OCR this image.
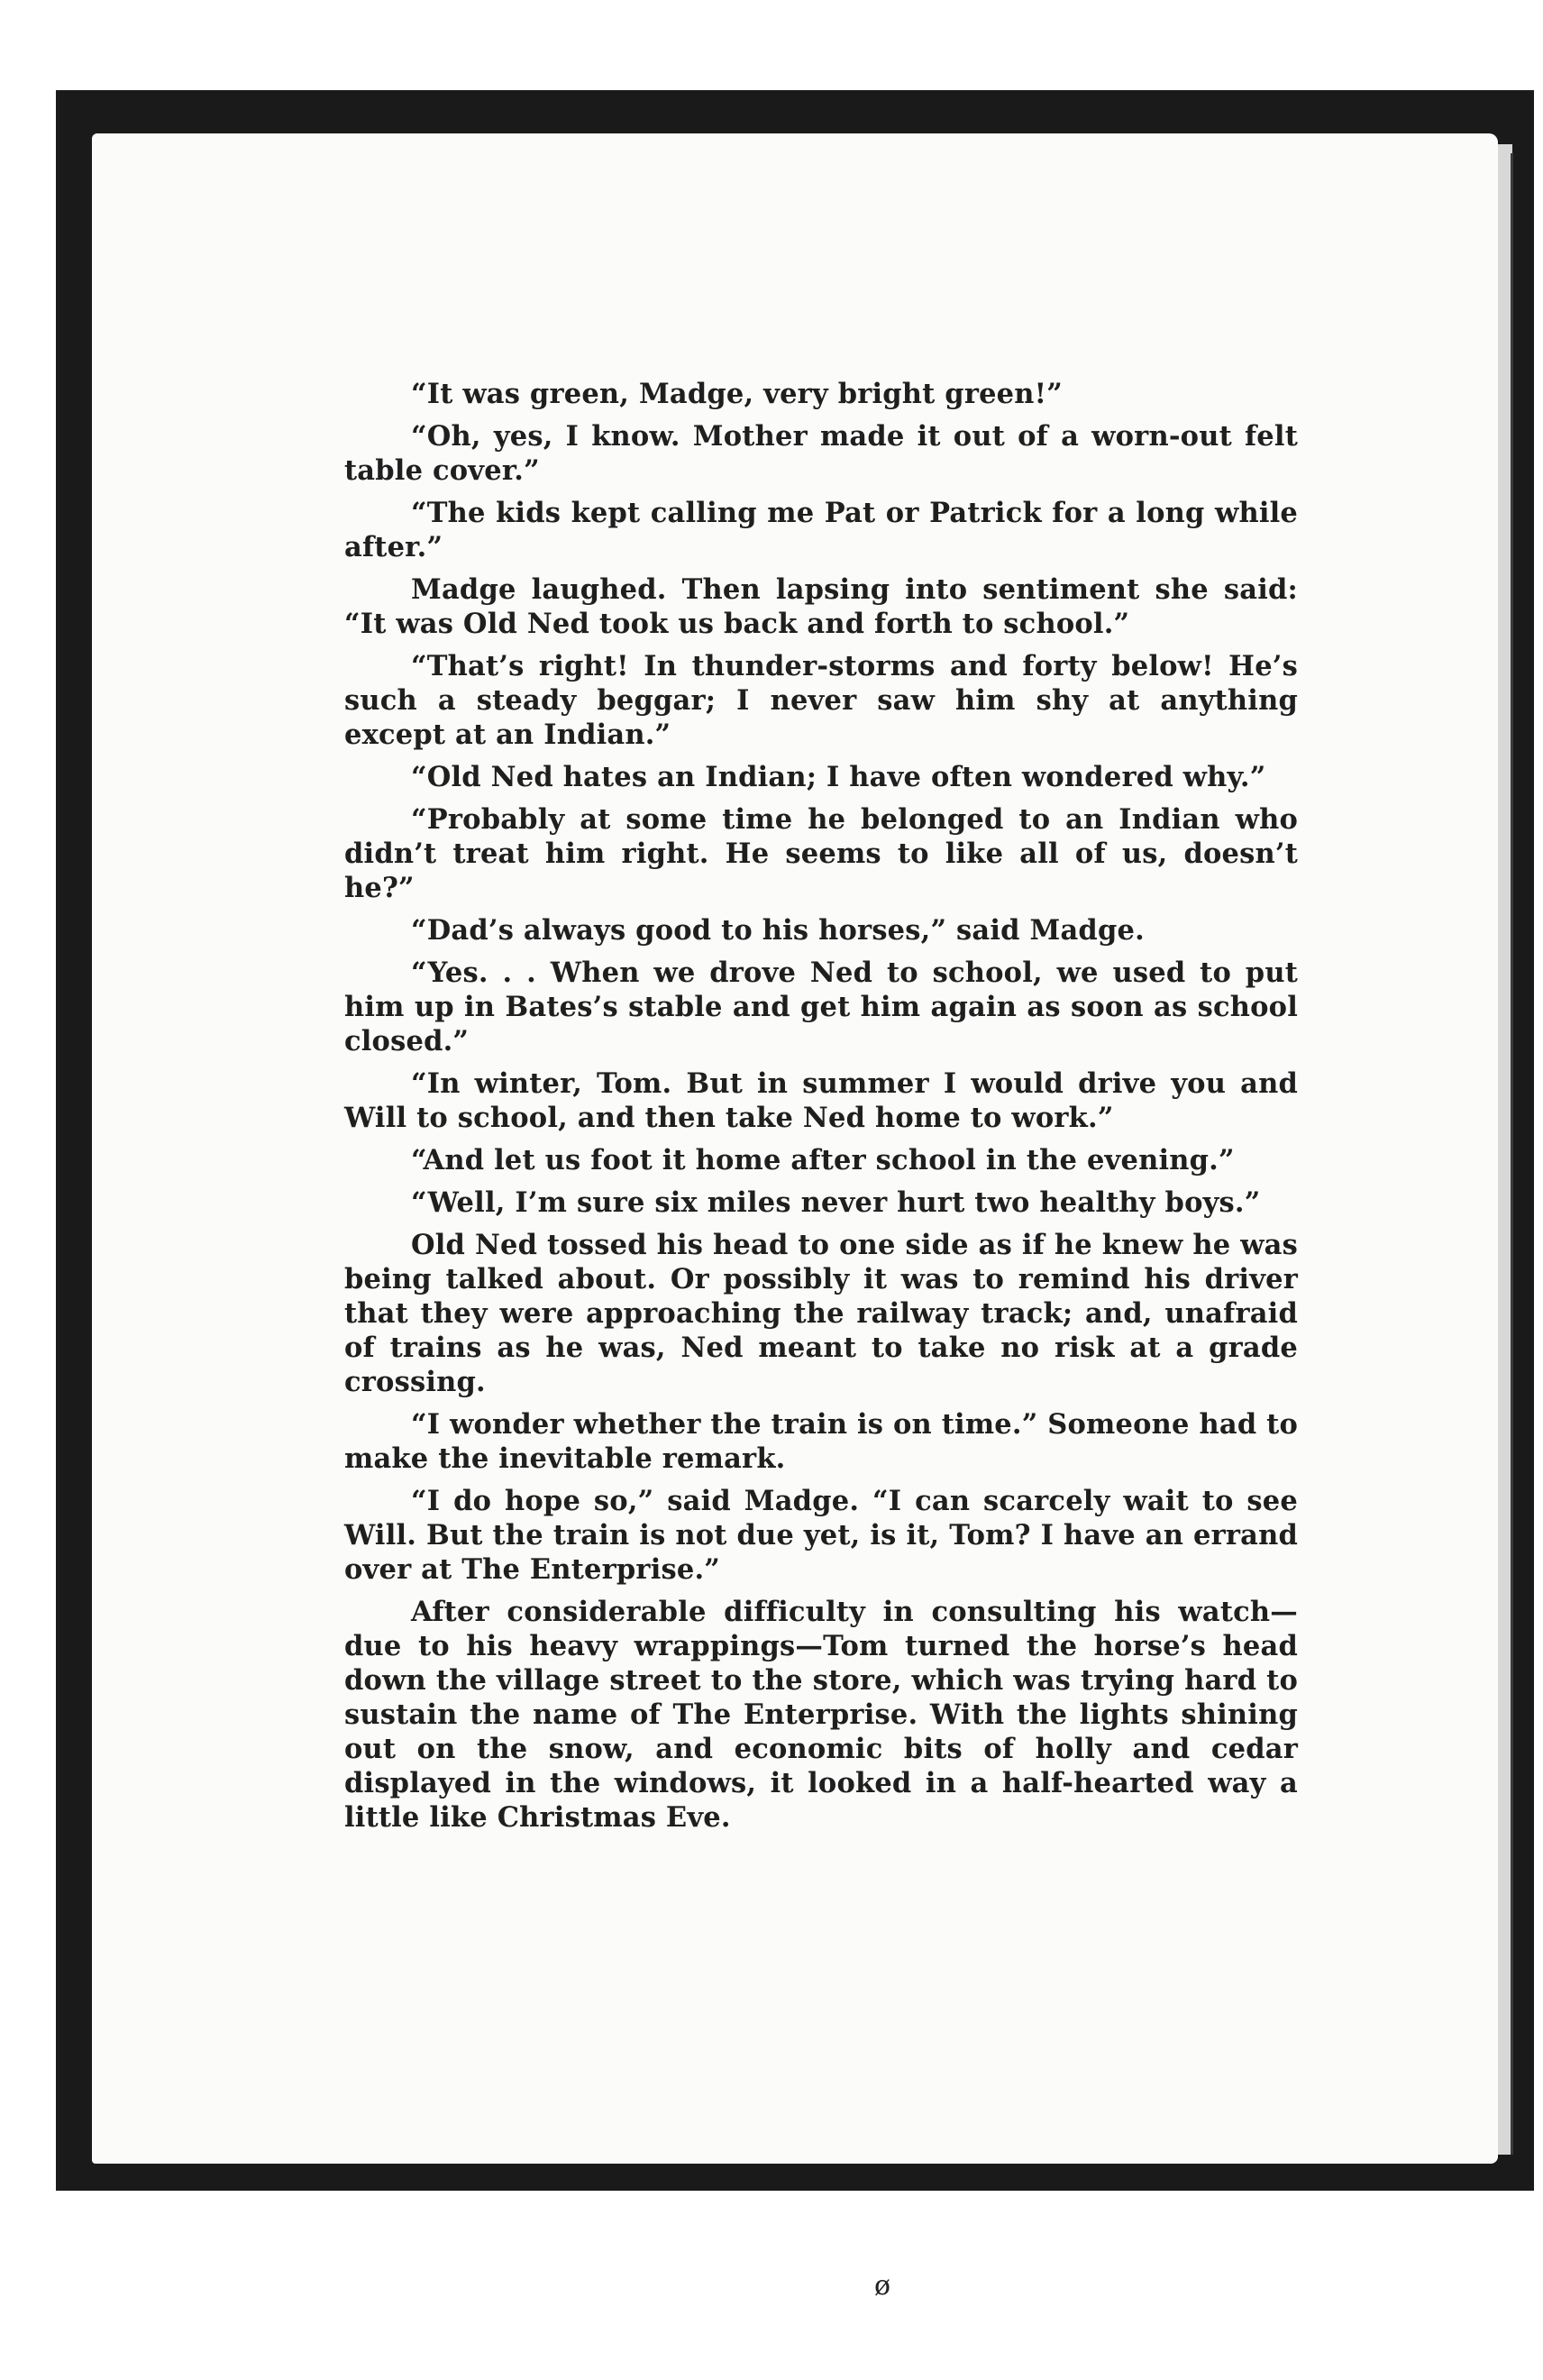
“It was green, Madge, very bright green!”

“Oh, yes, I know. Mother made it out of a worn-out felt table cover.”

“The kids kept calling me Pat or Patrick for a long while after.”

Madge laughed. Then lapsing into sentiment she said: “It was Old Ned took us back and forth to school.”

“That’s right! In thunder-storms and forty below! He’s such a steady beggar; I never saw him shy at anything except at an Indian.”

“Old Ned hates an Indian; I have often wondered why.”

“Probably at some time he belonged to an Indian who didn’t treat him right. He seems to like all of us, doesn’t he?”

“Dad’s always good to his horses,” said Madge.

“Yes. . . When we drove Ned to school, we used to put him up in Bates’s stable and get him again as soon as school closed.”

“In winter, Tom. But in summer I would drive you and Will to school, and then take Ned home to work.”

“And let us foot it home after school in the evening.”

“Well, I’m sure six miles never hurt two healthy boys.”

Old Ned tossed his head to one side as if he knew he was being talked about. Or possibly it was to remind his driver that they were approaching the railway track; and, unafraid of trains as he was, Ned meant to take no risk at a grade crossing.

“I wonder whether the train is on time.” Someone had to make the inevitable remark.

“I do hope so,” said Madge. “I can scarcely wait to see Will. But the train is not due yet, is it, Tom? I have an errand over at The Enterprise.”

After considerable difficulty in consulting his watch—due to his heavy wrappings—Tom turned the horse’s head down the village street to the store, which was trying hard to sustain the name of The Enterprise. With the lights shining out on the snow, and economic bits of holly and cedar displayed in the windows, it looked in a half-hearted way a little like Christmas Eve.

ø
